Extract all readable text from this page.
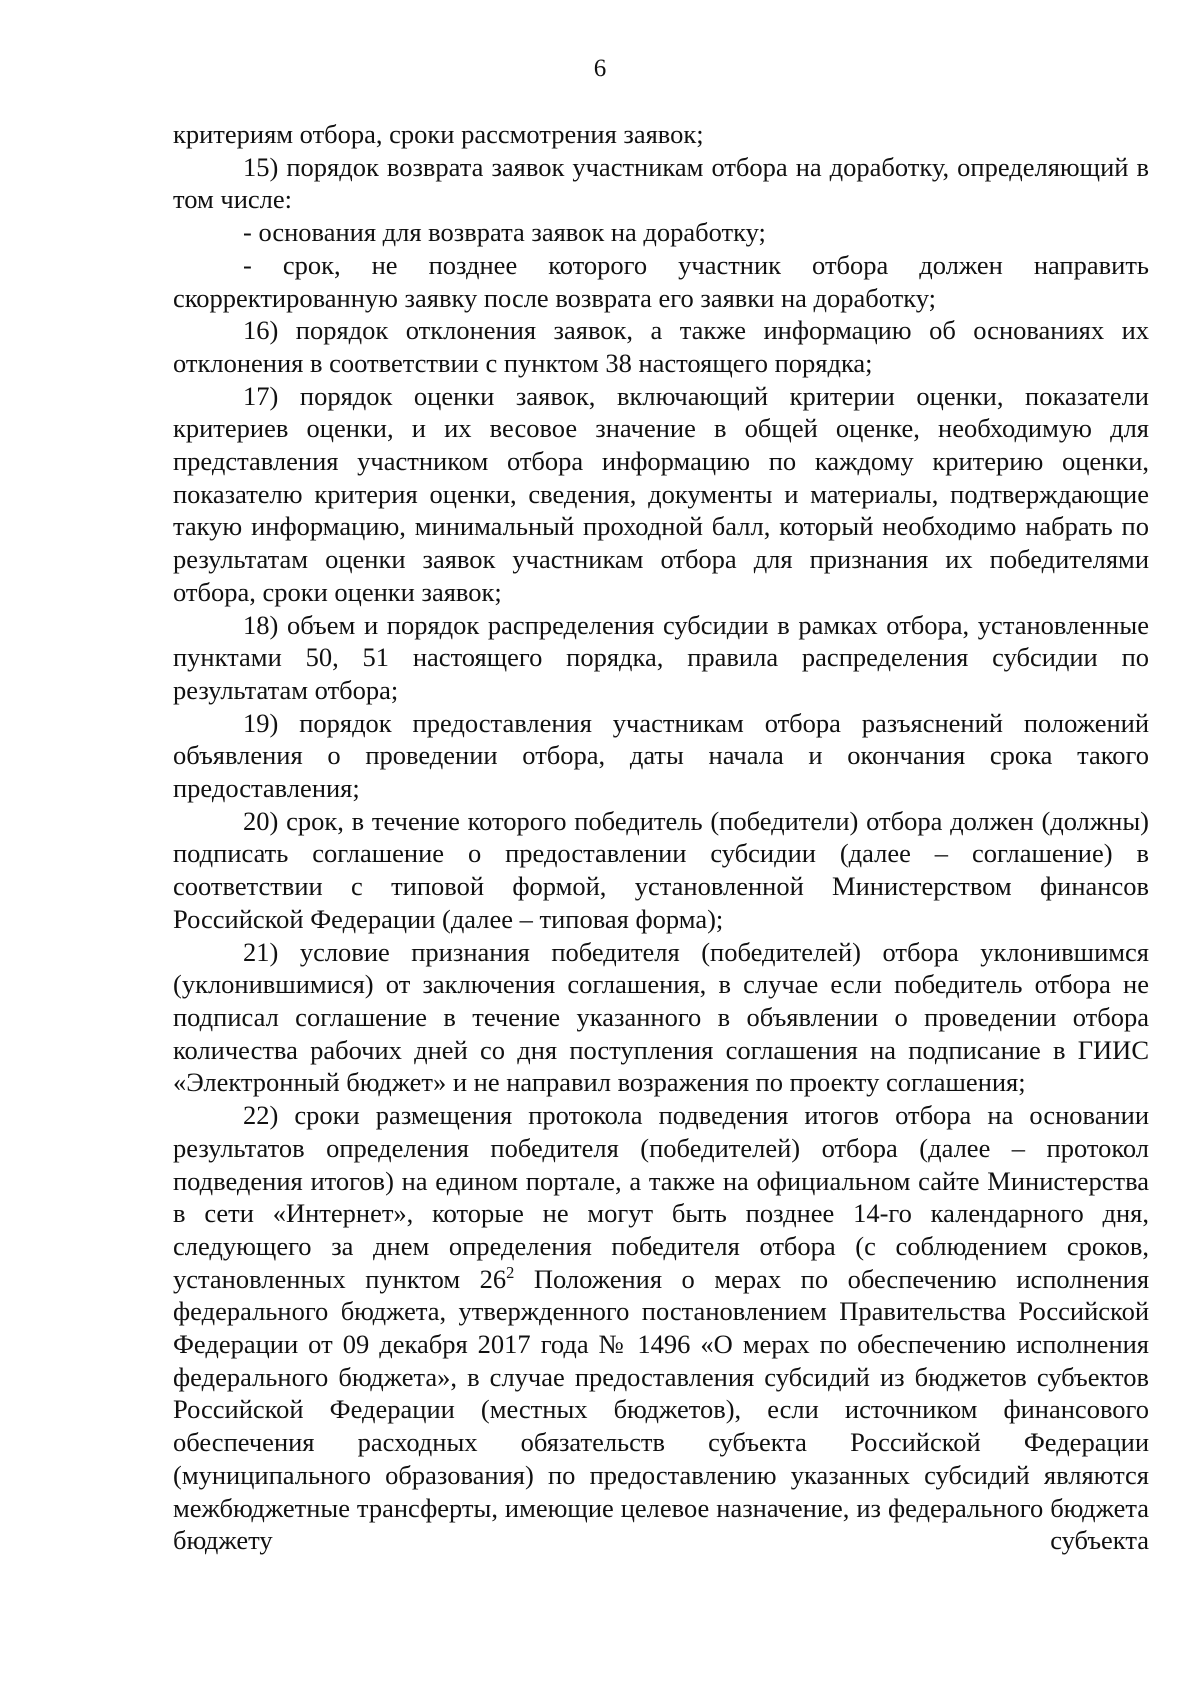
6

критериям отбора, сроки рассмотрения заявок;

15) порядок возврата заявок участникам отбора на доработку, определяющий в том числе:

- основания для возврата заявок на доработку;

- срок, не позднее которого участник отбора должен направить скорректированную заявку после возврата его заявки на доработку;

16) порядок отклонения заявок, а также информацию об основаниях их отклонения в соответствии с пунктом 38 настоящего порядка;

17) порядок оценки заявок, включающий критерии оценки, показатели критериев оценки, и их весовое значение в общей оценке, необходимую для представления участником отбора информацию по каждому критерию оценки, показателю критерия оценки, сведения, документы и материалы, подтверждающие такую информацию, минимальный проходной балл, который необходимо набрать по результатам оценки заявок участникам отбора для признания их победителями отбора, сроки оценки заявок;

18) объем и порядок распределения субсидии в рамках отбора, установленные пунктами 50, 51 настоящего порядка, правила распределения субсидии по результатам отбора;

19) порядок предоставления участникам отбора разъяснений положений объявления о проведении отбора, даты начала и окончания срока такого предоставления;

20) срок, в течение которого победитель (победители) отбора должен (должны) подписать соглашение о предоставлении субсидии (далее – соглашение) в соответствии с типовой формой, установленной Министерством финансов Российской Федерации (далее – типовая форма);

21) условие признания победителя (победителей) отбора уклонившимся (уклонившимися) от заключения соглашения, в случае если победитель отбора не подписал соглашение в течение указанного в объявлении о проведении отбора количества рабочих дней со дня поступления соглашения на подписание в ГИИС «Электронный бюджет» и не направил возражения по проекту соглашения;

22) сроки размещения протокола подведения итогов отбора на основании результатов определения победителя (победителей) отбора (далее – протокол подведения итогов) на едином портале, а также на официальном сайте Министерства в сети «Интернет», которые не могут быть позднее 14-го календарного дня, следующего за днем определения победителя отбора (с соблюдением сроков, установленных пунктом $26^2$ Положения о мерах по обеспечению исполнения федерального бюджета, утвержденного постановлением Правительства Российской Федерации от 09 декабря 2017 года № 1496 «О мерах по обеспечению исполнения федерального бюджета», в случае предоставления субсидий из бюджетов субъектов Российской Федерации (местных бюджетов), если источником финансового обеспечения расходных обязательств субъекта Российской Федерации (муниципального образования) по предоставлению указанных субсидий являются межбюджетные трансферты, имеющие целевое назначение, из федерального бюджета бюджету субъекта
